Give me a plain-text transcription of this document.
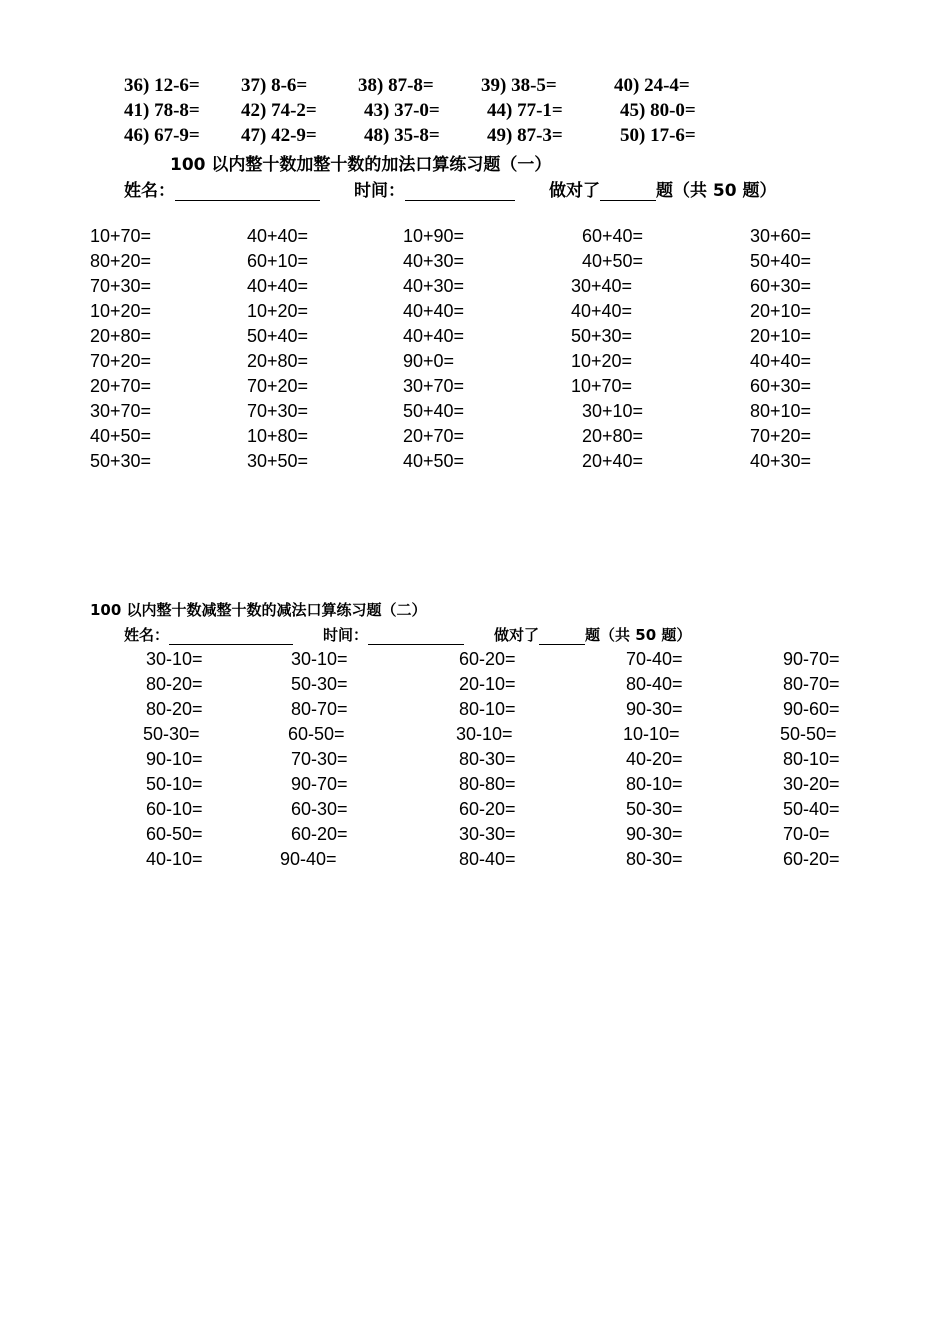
36) 12-6= 37) 8-6=	38) 87-8= 39) 38-5=	40) 24-4=
41) 78-8= 42) 74-2= 43) 37-0= 44) 77-1=	45) 80-0=
46) 67-9= 47) 42-9= 48) 35-8= 49) 87-3=	50) 17-6=
100 以内整十数加整十数的加法口算练习题（一）
姓名：	时间：	做对了	题（共 50 题）
10+70=	40+40=	10+90=	60+40=	30+60=
80+20=	60+10=	40+30=	40+50=	50+40=
70+30=	40+40=	40+30=	30+40=	60+30=
10+20=	10+20=	40+40=	40+40=	20+10=
20+80=	50+40=	40+40=	50+30=	20+10=
70+20=	20+80=	90+0=	10+20=	40+40=
20+70=	70+20=	30+70=	10+70=	60+30=
30+70=	70+30=	50+40=	30+10=	80+10=
40+50=	10+80=	20+70=	20+80=	70+20=
50+30=	30+50=	40+50=	20+40=	40+30=
100 以内整十数减整十数的减法口算练习题（二）
姓名：	时间：	做对了	题（共 50 题）
30-10=	30-10=	60-20=	70-40=	90-70=
80-20=	50-30=	20-10=	80-40=	80-70=
80-20=	80-70=	80-10=	90-30=	90-60=
50-30=	60-50=	30-10=	10-10=	50-50=
90-10=	70-30=	80-30=	40-20=	80-10=
50-10=	90-70=	80-80=	80-10=	30-20=
60-10=	60-30=	60-20=	50-30=	50-40=
60-50=	60-20=	30-30=	90-30=	70-0=
40-10=	90-40=	80-40=	80-30=	60-20=
